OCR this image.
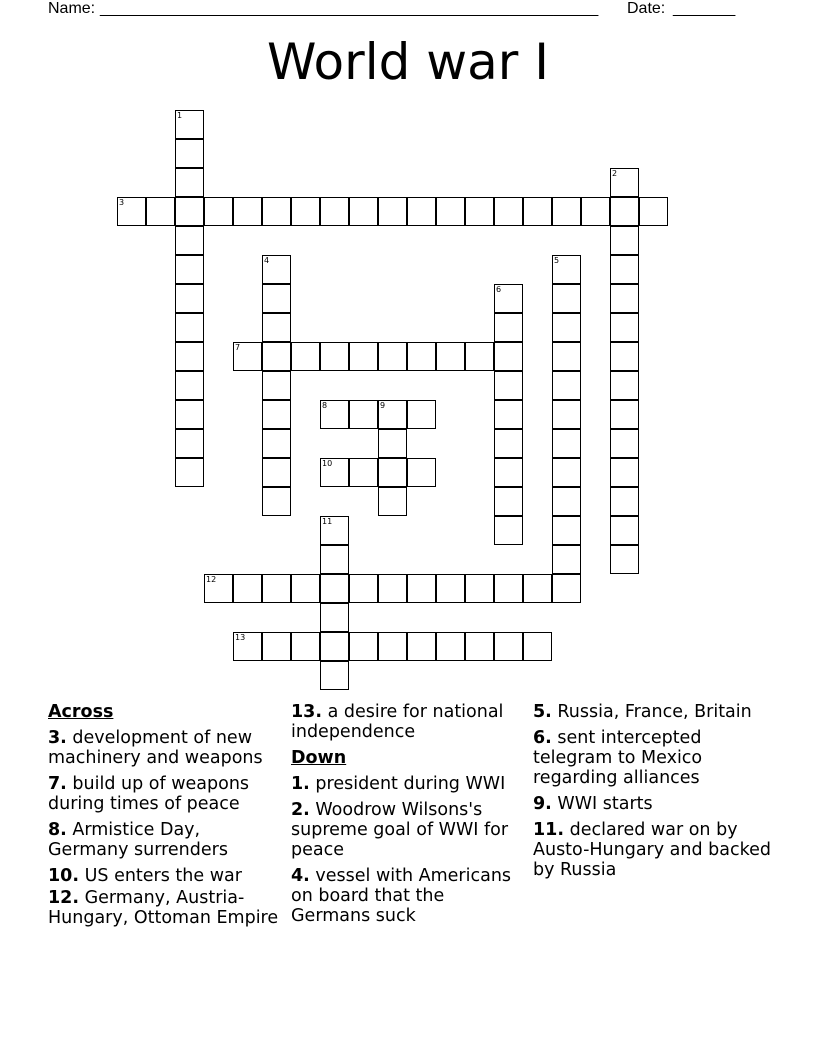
Name: ________________________________________________________ Date: _______
World war I
1
2
3
4	5
6
7
8	9
10
11
12
13
Across
3. development of new machinery and weapons
7. build up of weapons during times of peace
8. Armistice Day, Germany surrenders
10. US enters the war
12. Germany, Austria-Hungary, Ottoman Empire
13. a desire for national independence
Down
1. president during WWI
2. Woodrow Wilsons's supreme goal of WWI for peace
4. vessel with Americans on board that the Germans suck
5. Russia, France, Britain
6. sent intercepted telegram to Mexico regarding alliances
9. WWI starts
11. declared war on by Austo-Hungary and backed by Russia
